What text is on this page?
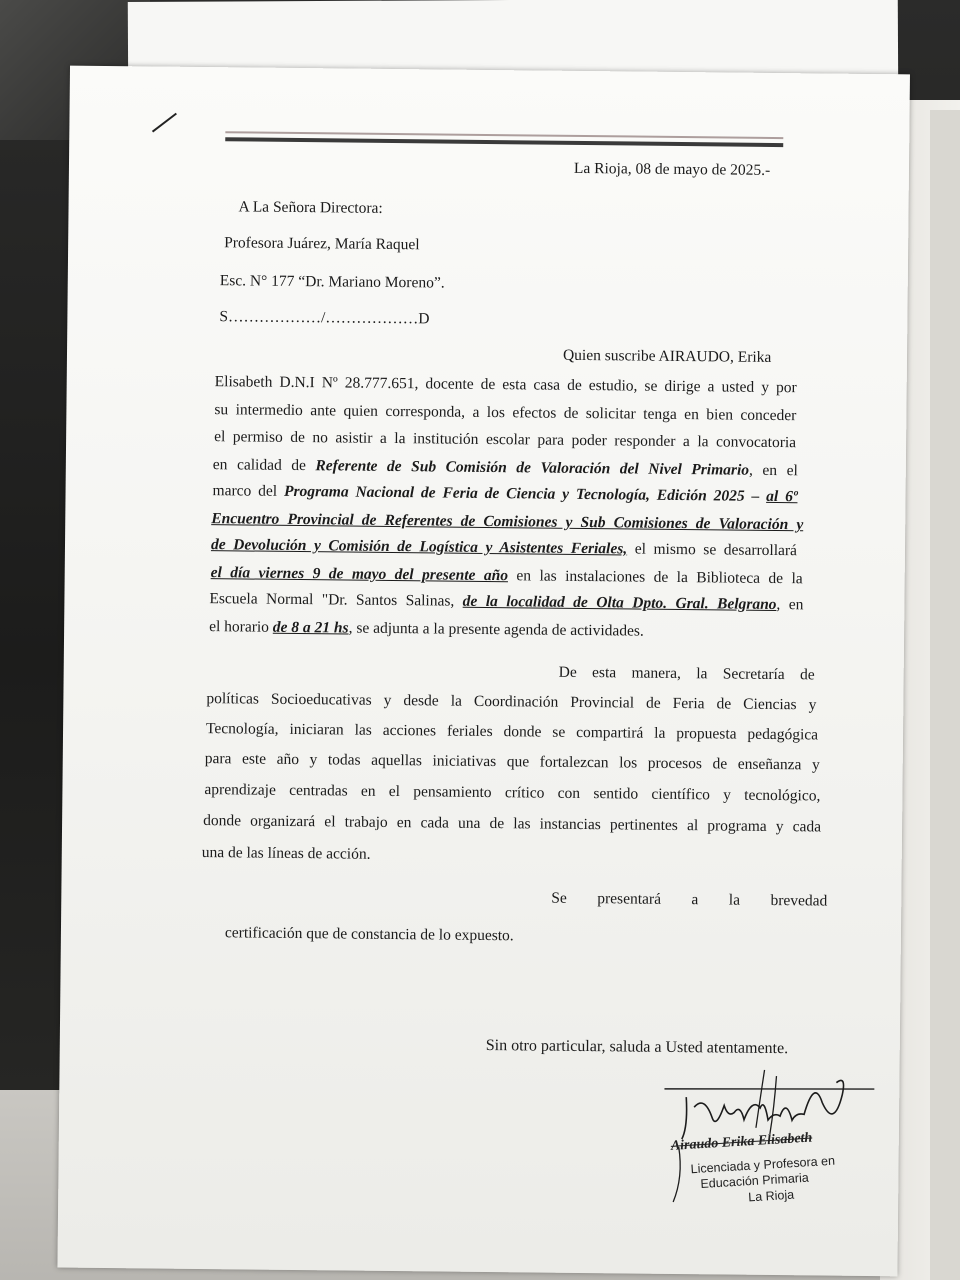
La Rioja, 08 de mayo de 2025.-
A La Señora Directora:
Profesora Juárez, María Raquel
Esc. N° 177 “Dr. Mariano Moreno”.
S………………/………………D
Quien suscribe AIRAUDO, Erika
Elisabeth D.N.I Nº 28.777.651, docente de esta casa de estudio, se dirige a usted y por
su intermedio ante quien corresponda, a los efectos de solicitar tenga en bien conceder
el permiso de no asistir a la institución escolar para poder responder a la convocatoria
en calidad de Referente de Sub Comisión de Valoración del Nivel Primario, en el
marco del Programa Nacional de Feria de Ciencia y Tecnología, Edición 2025 – al 6º
Encuentro Provincial de Referentes de Comisiones y Sub Comisiones de Valoración y
de Devolución y Comisión de Logística y Asistentes Feriales, el mismo se desarrollará
el día viernes 9 de mayo del presente año en las instalaciones de la Biblioteca de la
Escuela Normal "Dr. Santos Salinas, de la localidad de Olta Dpto. Gral. Belgrano, en
el horario de 8 a 21 hs, se adjunta a la presente agenda de actividades.
De esta manera, la Secretaría de
políticas Socioeducativas y desde la Coordinación Provincial de Feria de Ciencias y
Tecnología, iniciaran las acciones feriales donde se compartirá la propuesta pedagógica
para este año y todas aquellas iniciativas que fortalezcan los procesos de enseñanza y
aprendizaje centradas en el pensamiento crítico con sentido científico y tecnológico,
donde organizará el trabajo en cada una de las instancias pertinentes al programa y cada
una de las líneas de acción.
Se presentará a la brevedad
certificación que de constancia de lo expuesto.
Sin otro particular, saluda a Usted atentamente.
Airaudo Erika Elisabeth
Licenciada y Profesora en
Educación Primaria
La Rioja
